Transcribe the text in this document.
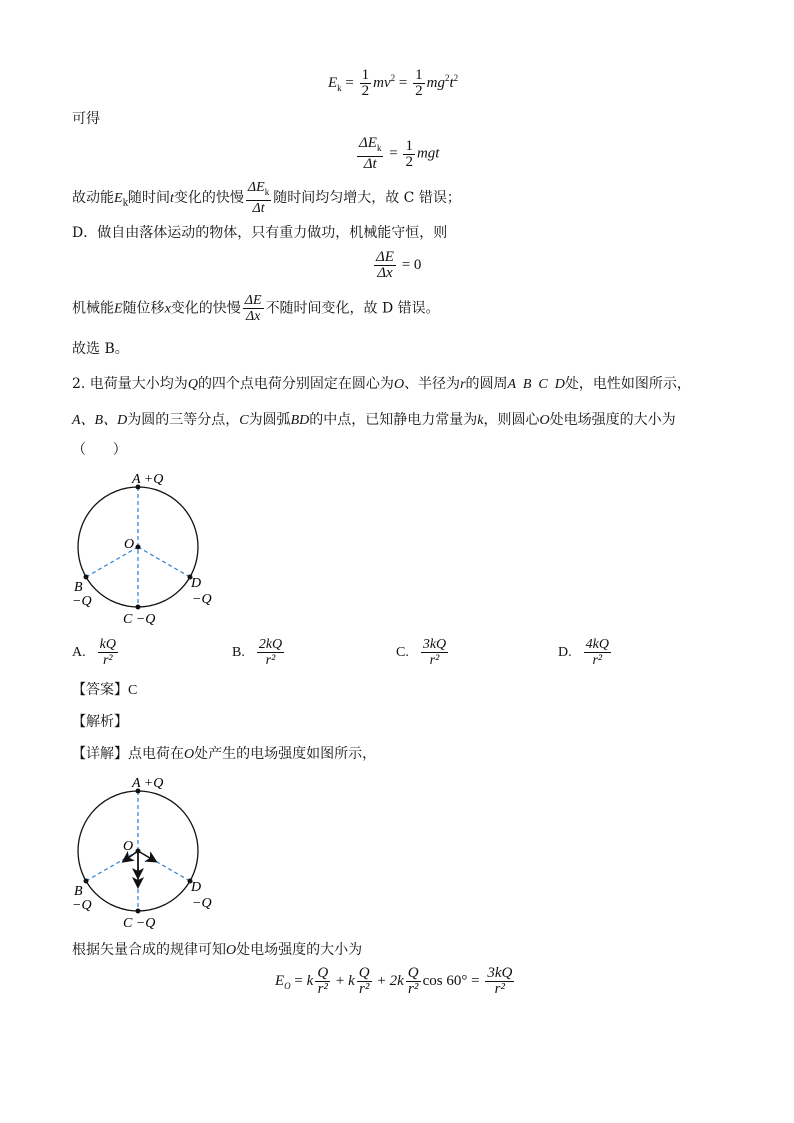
$E_k = \frac{1}{2} mv^2 = \frac{1}{2} mg^2t^2$
可得
$\frac{\Delta E_k}{\Delta t} = \frac{1}{2}$ mgt
故动能$E_k$随时间t变化的快慢 $\frac{\Delta E_k}{\Delta t}$ 随时间均匀增大，故 C 错误；
D．做自由落体运动的物体，只有重力做功，机械能守恒，则
$\frac{\Delta E}{\Delta x} = 0$
机械能E随位移x变化的快慢 $\frac{\Delta E}{\Delta x}$ 不随时间变化，故 D 错误。
故选 B。
2. 电荷量大小均为Q的四个点电荷分别固定在圆心为O、半径为r的圆周A  B  C  D处，电性如图所示，
A、B、D为圆的三等分点，C为圆弧BD的中点，已知静电力常量为k，则圆心O处电场强度的大小为
（      ）
A +Q
O
B
−Q
D
−Q
C −Q
A. $\frac{kQ}{\text{r²}}$	B. $\frac{2kQ}{\text{r²}}$	C. $\frac{3kQ}{\text{r²}}$	D. $\frac{4kQ}{\text{r²}}$
【答案】C
【解析】
【详解】点电荷在O处产生的电场强度如图所示，
A +Q
O
B
−Q
D
−Q
C −Q
根据矢量合成的规律可知O处电场强度的大小为
$E_O = k \frac{Q}{\text{r²}} + k \frac{Q}{\text{r²}} + 2k \frac{Q}{\text{r²}}$ $\cos 60^\circ = \frac{3kQ}{\text{r²}}$
